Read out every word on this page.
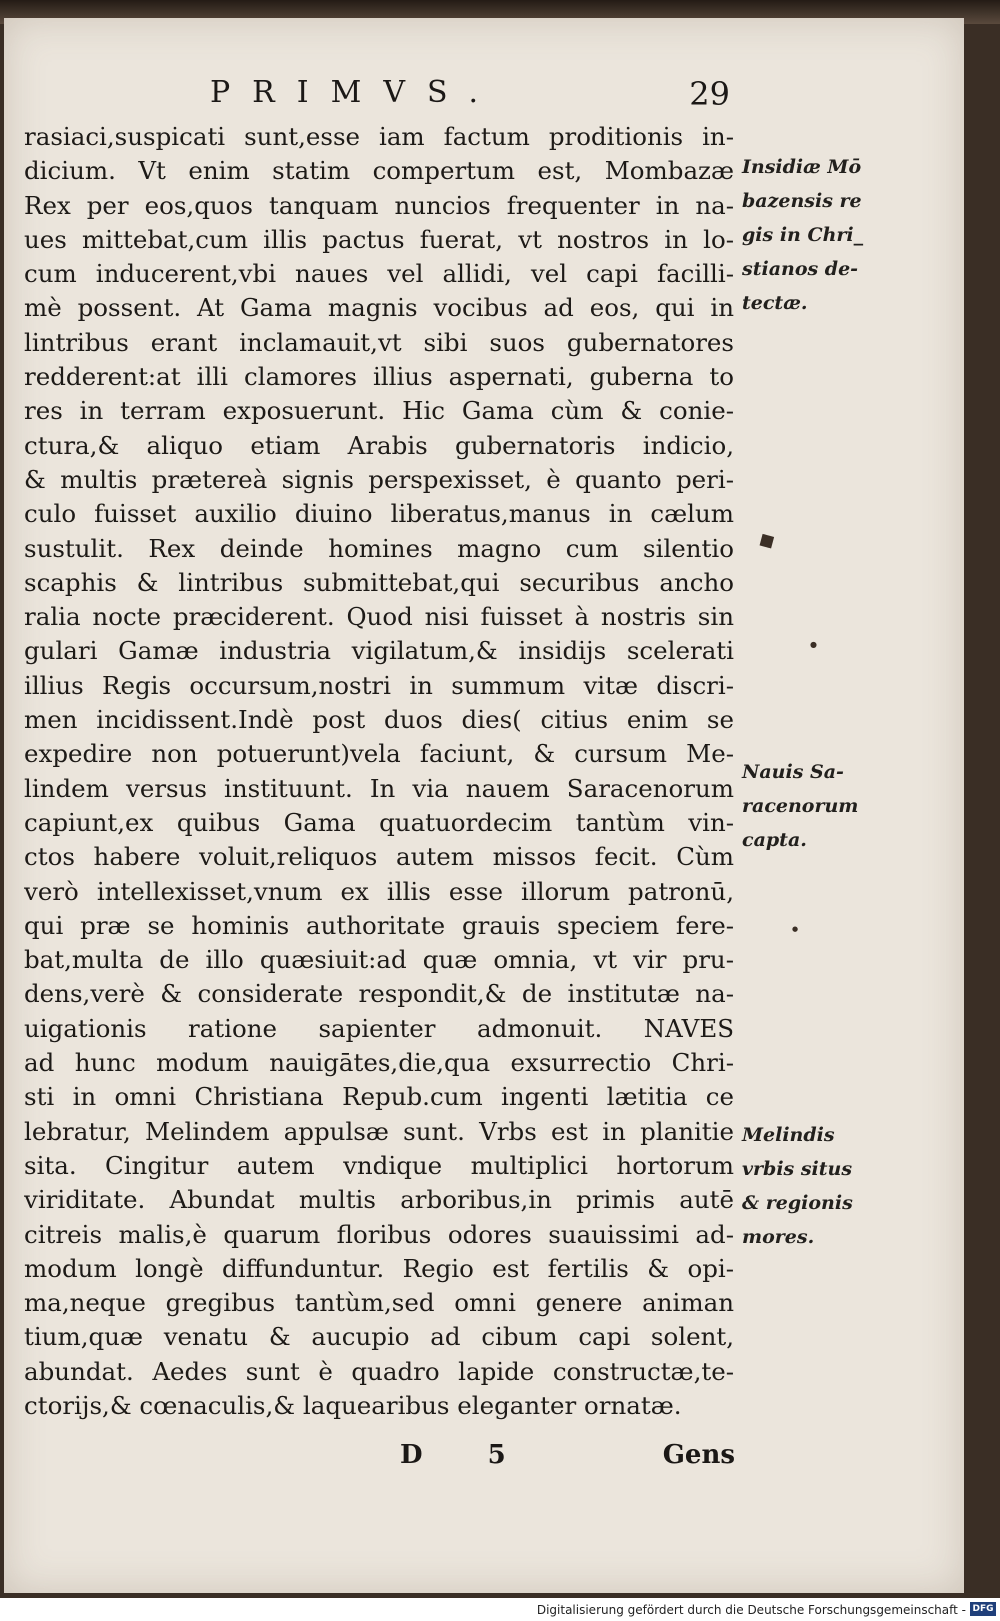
PRIMVS.	29
rasiaci,suspicati sunt,esse iam factum proditionis in-
dicium. Vt enim statim compertum est, Mombazæ
Rex per eos,quos tanquam nuncios frequenter in na-
ues mittebat,cum illis pactus fuerat, vt nostros in lo-
cum inducerent,vbi naues vel allidi, vel capi facilli-
mè possent. At Gama magnis vocibus ad eos, qui in
lintribus erant inclamauit,vt sibi suos gubernatores
redderent:at illi clamores illius aspernati, guberna to
res in terram exposuerunt. Hic Gama cùm & conie-
ctura,& aliquo etiam Arabis gubernatoris indicio,
& multis prætereà signis perspexisset, è quanto peri-
culo fuisset auxilio diuino liberatus,manus in cælum
sustulit. Rex deinde homines magno cum silentio
scaphis & lintribus submittebat,qui securibus ancho
ralia nocte præciderent. Quod nisi fuisset à nostris sin
gulari Gamæ industria vigilatum,& insidijs scelerati
illius Regis occursum,nostri in summum vitæ discri-
men incidissent.Indè post duos dies( citius enim se
expedire non potuerunt)vela faciunt, & cursum Me-
lindem versus instituunt. In via nauem Saracenorum
capiunt,ex quibus Gama quatuordecim tantùm vin-
ctos habere voluit,reliquos autem missos fecit. Cùm
verò intellexisset,vnum ex illis esse illorum patronū,
qui præ se hominis authoritate grauis speciem fere-
bat,multa de illo quæsiuit:ad quæ omnia, vt vir pru-
dens,verè & considerate respondit,& de institutæ na-
uigationis ratione sapienter admonuit. NAVES
ad hunc modum nauigātes,die,qua exsurrectio Chri-
sti in omni Christiana Repub.cum ingenti lætitia ce
lebratur, Melindem appulsæ sunt. Vrbs est in planitie
sita. Cingitur autem vndique multiplici hortorum
viriditate. Abundat multis arboribus,in primis autē
citreis malis,è quarum floribus odores suauissimi ad-
modum longè diffunduntur. Regio est fertilis & opi-
ma,neque gregibus tantùm,sed omni genere animan
tium,quæ venatu & aucupio ad cibum capi solent,
abundat. Aedes sunt è quadro lapide constructæ,te-
ctorijs,& cœnaculis,& laquearibus eleganter ornatæ.
Insidiæ Mō
bazensis re
gis in Chri_
stianos de-
tectæ.
Nauis Sa-
racenorum
capta.
Melindis
vrbis situs
& regionis
mores.
◆
●
●
D 5	Gens
Digitalisierung gefördert durch die Deutsche Forschungsgemeinschaft - DFG
